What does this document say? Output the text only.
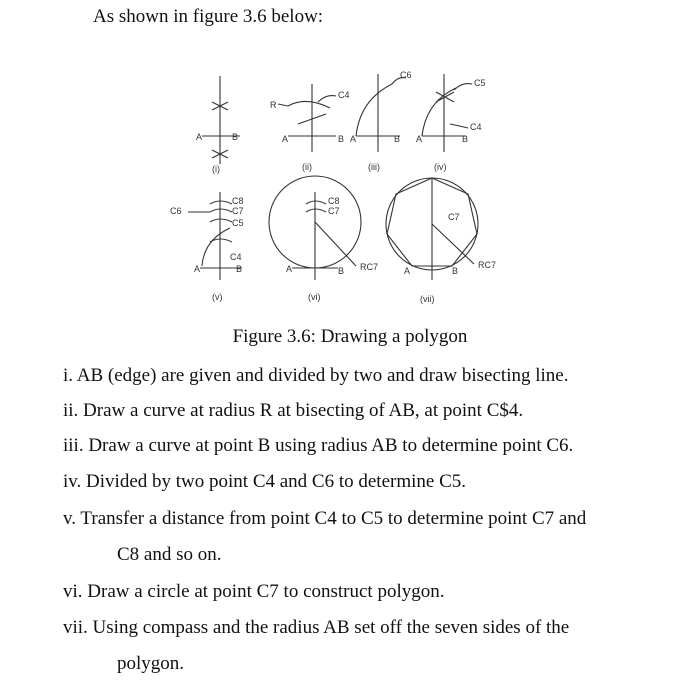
As shown in figure 3.6 below:
A	B
(i)
R
C4
A	B
(ii)
C6
A	B
(iii)
C5
C4
A	B
(iv)
C6
C8
C7
C5
C4
A	B
(v)
C8
C7
RC7
A	B
(vi)
C7
RC7
A	B
(vii)
Figure 3.6: Drawing a polygon
i. AB (edge) are given and divided by two and draw bisecting line.
ii. Draw a curve at radius R at bisecting of AB, at point C$4.
iii. Draw a curve at point B using radius AB to determine point C6.
iv. Divided by two point C4 and C6 to determine C5.
v. Transfer a distance from point C4 to C5 to determine point C7 and
C8 and so on.
vi. Draw a circle at point C7 to construct polygon.
vii. Using compass and the radius AB set off the seven sides of the
polygon.
